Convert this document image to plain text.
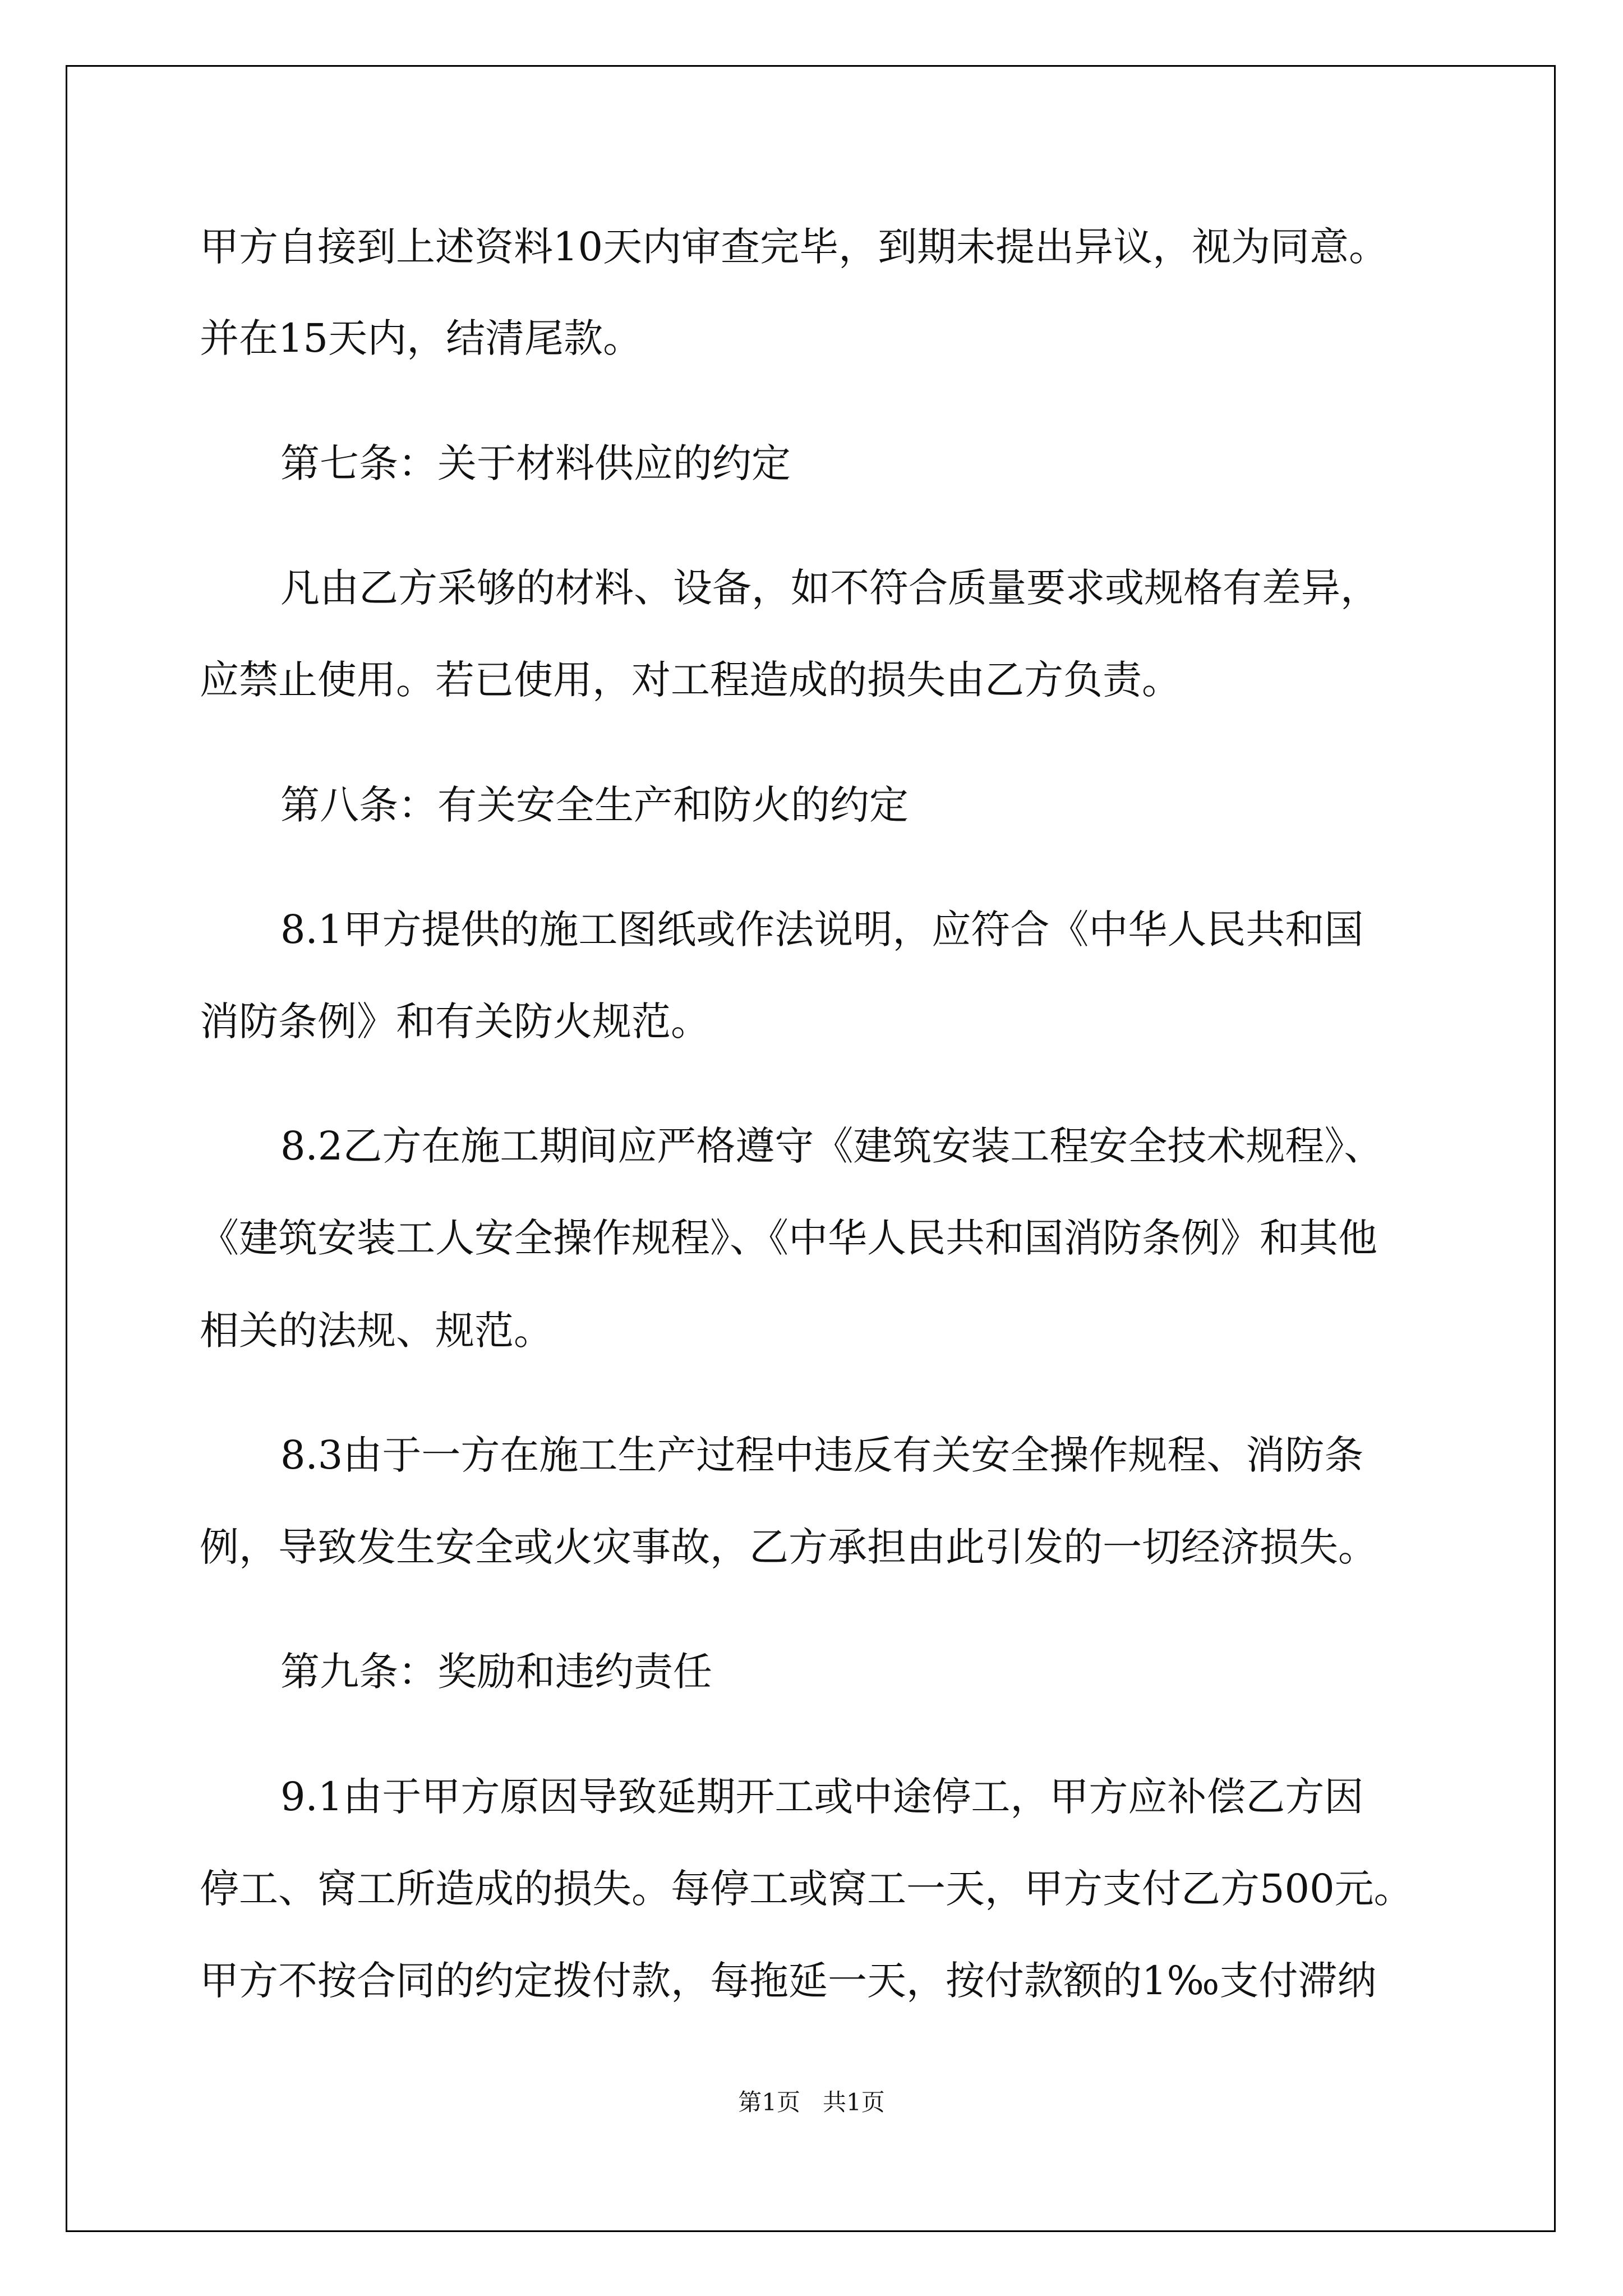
甲方自接到上述资料10天内审查完毕，到期未提出异议，视为同意。
并在15天内，结清尾款。
第七条：关于材料供应的约定
凡由乙方采够的材料、设备，如不符合质量要求或规格有差异，
应禁止使用。若已使用，对工程造成的损失由乙方负责。
第八条：有关安全生产和防火的约定
8.1甲方提供的施工图纸或作法说明，应符合《中华人民共和国
消防条例》和有关防火规范。
8.2乙方在施工期间应严格遵守《建筑安装工程安全技术规程》、
《建筑安装工人安全操作规程》、《中华人民共和国消防条例》和其他
相关的法规、规范。
8.3由于一方在施工生产过程中违反有关安全操作规程、消防条
例，导致发生安全或火灾事故，乙方承担由此引发的一切经济损失。
第九条：奖励和违约责任
9.1由于甲方原因导致延期开工或中途停工，甲方应补偿乙方因
停工、窝工所造成的损失。每停工或窝工一天，甲方支付乙方500元。
甲方不按合同的约定拨付款，每拖延一天，按付款额的1‰支付滞纳
第1页   共1页
